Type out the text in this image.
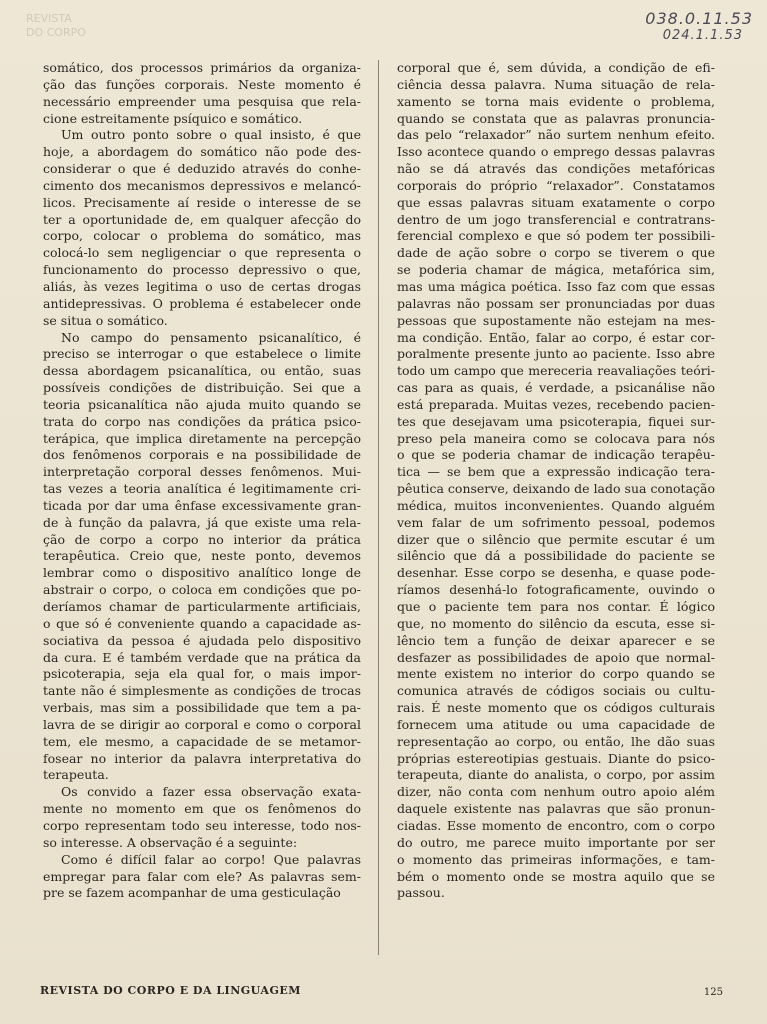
REVISTA
DO CORPO
038.0.11.53
024.1.1.53
somático, dos processos primários da organiza-
ção das funções corporais. Neste momento é
necessário empreender uma pesquisa que rela-
cione estreitamente psíquico e somático.
Um outro ponto sobre o qual insisto, é que
hoje, a abordagem do somático não pode des-
considerar o que é deduzido através do conhe-
cimento dos mecanismos depressivos e melancó-
licos. Precisamente aí reside o interesse de se
ter a oportunidade de, em qualquer afecção do
corpo, colocar o problema do somático, mas
colocá-lo sem negligenciar o que representa o
funcionamento do processo depressivo o que,
aliás, às vezes legitima o uso de certas drogas
antidepressivas. O problema é estabelecer onde
se situa o somático.
No campo do pensamento psicanalítico, é
preciso se interrogar o que estabelece o limite
dessa abordagem psicanalítica, ou então, suas
possíveis condições de distribuição. Sei que a
teoria psicanalítica não ajuda muito quando se
trata do corpo nas condições da prática psico-
terápica, que implica diretamente na percepção
dos fenômenos corporais e na possibilidade de
interpretação corporal desses fenômenos. Mui-
tas vezes a teoria analítica é legitimamente cri-
ticada por dar uma ênfase excessivamente gran-
de à função da palavra, já que existe uma rela-
ção de corpo a corpo no interior da prática
terapêutica. Creio que, neste ponto, devemos
lembrar como o dispositivo analítico longe de
abstrair o corpo, o coloca em condições que po-
deríamos chamar de particularmente artificiais,
o que só é conveniente quando a capacidade as-
sociativa da pessoa é ajudada pelo dispositivo
da cura. E é também verdade que na prática da
psicoterapia, seja ela qual for, o mais impor-
tante não é simplesmente as condições de trocas
verbais, mas sim a possibilidade que tem a pa-
lavra de se dirigir ao corporal e como o corporal
tem, ele mesmo, a capacidade de se metamor-
fosear no interior da palavra interpretativa do
terapeuta.
Os convido a fazer essa observação exata-
mente no momento em que os fenômenos do
corpo representam todo seu interesse, todo nos-
so interesse. A observação é a seguinte:
Como é difícil falar ao corpo! Que palavras
empregar para falar com ele? As palavras sem-
pre se fazem acompanhar de uma gesticulação
corporal que é, sem dúvida, a condição de efi-
ciência dessa palavra. Numa situação de rela-
xamento se torna mais evidente o problema,
quando se constata que as palavras pronuncia-
das pelo “relaxador” não surtem nenhum efeito.
Isso acontece quando o emprego dessas palavras
não se dá através das condições metafóricas
corporais do próprio “relaxador”. Constatamos
que essas palavras situam exatamente o corpo
dentro de um jogo transferencial e contratrans-
ferencial complexo e que só podem ter possibili-
dade de ação sobre o corpo se tiverem o que
se poderia chamar de mágica, metafórica sim,
mas uma mágica poética. Isso faz com que essas
palavras não possam ser pronunciadas por duas
pessoas que supostamente não estejam na mes-
ma condição. Então, falar ao corpo, é estar cor-
poralmente presente junto ao paciente. Isso abre
todo um campo que mereceria reavaliações teóri-
cas para as quais, é verdade, a psicanálise não
está preparada. Muitas vezes, recebendo pacien-
tes que desejavam uma psicoterapia, fiquei sur-
preso pela maneira como se colocava para nós
o que se poderia chamar de indicação terapêu-
tica — se bem que a expressão indicação tera-
pêutica conserve, deixando de lado sua conotação
médica, muitos inconvenientes. Quando alguém
vem falar de um sofrimento pessoal, podemos
dizer que o silêncio que permite escutar é um
silêncio que dá a possibilidade do paciente se
desenhar. Esse corpo se desenha, e quase pode-
ríamos desenhá-lo fotograficamente, ouvindo o
que o paciente tem para nos contar. É lógico
que, no momento do silêncio da escuta, esse si-
lêncio tem a função de deixar aparecer e se
desfazer as possibilidades de apoio que normal-
mente existem no interior do corpo quando se
comunica através de códigos sociais ou cultu-
rais. É neste momento que os códigos culturais
fornecem uma atitude ou uma capacidade de
representação ao corpo, ou então, lhe dão suas
próprias estereotipias gestuais. Diante do psico-
terapeuta, diante do analista, o corpo, por assim
dizer, não conta com nenhum outro apoio além
daquele existente nas palavras que são pronun-
ciadas. Esse momento de encontro, com o corpo
do outro, me parece muito importante por ser
o momento das primeiras informações, e tam-
bém o momento onde se mostra aquilo que se
passou.
REVISTA DO CORPO E DA LINGUAGEM	125
